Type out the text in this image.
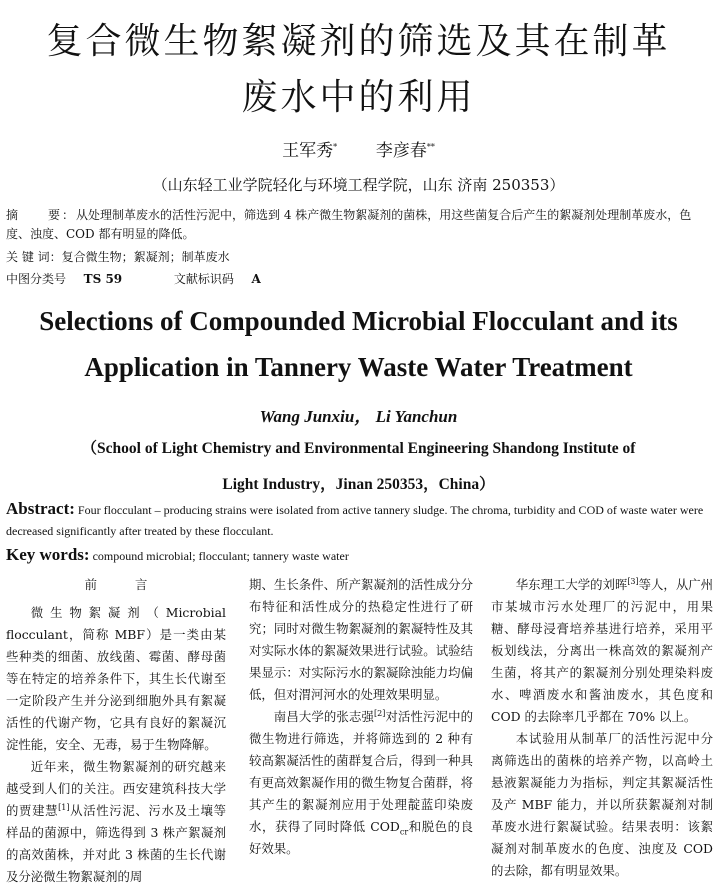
复合微生物絮凝剂的筛选及其在制革
废水中的利用
王军秀* 李彦春**
（山东轻工业学院轻化与环境工程学院，山东 济南 250353）
摘　　要：从处理制革废水的活性污泥中，筛选到 4 株产微生物絮凝剂的菌株，用这些菌复合后产生的絮凝剂处理制革废水，色度、浊度、COD 都有明显的降低。
关 键 词：复合微生物；絮凝剂；制革废水
中图分类号 TS 59	文献标识码 A
Selections of Compounded Microbial Flocculant and its
Application in Tannery Waste Water Treatment
Wang Junxiu， Li Yanchun
（School of Light Chemistry and Environmental Engineering Shandong Institute of
Light Industry，Jinan 250353，China）
Abstract: Four flocculant – producing strains were isolated from active tannery sludge. The chroma, turbidity and COD of waste water were decreased significantly after treated by these flocculant.
Key words: compound microbial; flocculant; tannery waste water

前	言

微生物絮凝剂（Microbial flocculant，简称 MBF）是一类由某些种类的细菌、放线菌、霉菌、酵母菌等在特定的培养条件下，其生长代谢至一定阶段产生并分泌到细胞外具有絮凝活性的代谢产物，它具有良好的絮凝沉淀性能，安全、无毒，易于生物降解。

近年来，微生物絮凝剂的研究越来越受到人们的关注。西安建筑科技大学的贾建慧[1]从活性污泥、污水及土壤等样品的菌源中，筛选得到 3 株产絮凝剂的高效菌株，并对此 3 株菌的生长代谢及分泌微生物絮凝剂的周

期、生长条件、所产絮凝剂的活性成分分布特征和活性成分的热稳定性进行了研究；同时对微生物絮凝剂的絮凝特性及其对实际水体的絮凝效果进行试验。试验结果显示：对实际污水的絮凝除浊能力均偏低，但对渭河河水的处理效果明显。

南昌大学的张志强[2]对活性污泥中的微生物进行筛选，并将筛选到的 2 种有较高絮凝活性的菌群复合后，得到一种具有更高效絮凝作用的微生物复合菌群，将其产生的絮凝剂应用于处理靛蓝印染废水，获得了同时降低 $COD_{cr}$和脱色的良好效果。

华东理工大学的刘晖[3]等人，从广州市某城市污水处理厂的污泥中，用果糖、酵母浸膏培养基进行培养，采用平板划线法，分离出一株高效的絮凝剂产生菌，将其产的絮凝剂分别处理染料废水、啤酒废水和酱油废水，其色度和 COD 的去除率几乎都在 70% 以上。

本试验用从制革厂的活性污泥中分离筛选出的菌株的培养产物，以高岭土悬液絮凝能力为指标，判定其絮凝活性及产 MBF 能力，并以所获絮凝剂对制革废水进行絮凝试验。结果表明：该絮凝剂对制革废水的色度、浊度及 COD 的去除，都有明显效果。
